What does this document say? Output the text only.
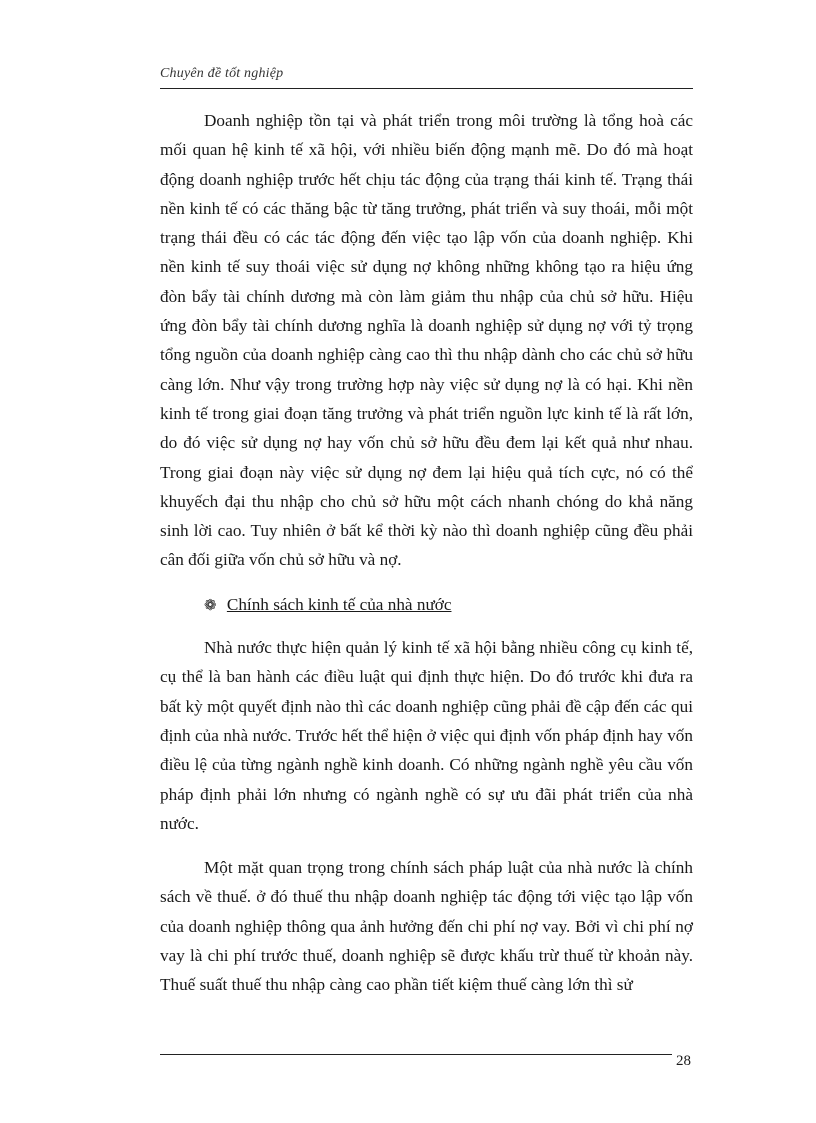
Chuyên đề tốt nghiệp

Doanh nghiệp tồn tại và phát triển trong môi trường là tổng hoà các mối quan hệ kinh tế xã hội, với nhiều biến động mạnh mẽ. Do đó mà hoạt động doanh nghiệp trước hết chịu tác động của trạng thái kinh tế. Trạng thái nền kinh tế có các thăng bậc từ tăng trưởng, phát triển và suy thoái, mỗi một trạng thái đều có các tác động đến việc tạo lập vốn của doanh nghiệp. Khi nền kinh tế suy thoái việc sử dụng nợ không những không tạo ra hiệu ứng đòn bẩy tài chính dương mà còn làm giảm thu nhập của chủ sở hữu. Hiệu ứng đòn bẩy tài chính dương nghĩa là doanh nghiệp sử dụng nợ với tỷ trọng tổng nguồn của doanh nghiệp càng cao thì thu nhập dành cho các chủ sở hữu càng lớn. Như vậy trong trường hợp này việc sử dụng nợ là có hại. Khi nền kinh tế trong giai đoạn tăng trưởng và phát triển nguồn lực kinh tế là rất lớn, do đó việc sử dụng nợ hay vốn chủ sở hữu đều đem lại kết quả như nhau. Trong giai đoạn này việc sử dụng nợ đem lại hiệu quả tích cực, nó có thể khuyếch đại thu nhập cho chủ sở hữu một cách nhanh chóng do khả năng sinh lời cao. Tuy nhiên ở bất kể thời kỳ nào thì doanh nghiệp cũng đều phải cân đối giữa vốn chủ sở hữu và nợ.

❁ Chính sách kinh tế của nhà nước

Nhà nước thực hiện quản lý kinh tế xã hội bằng nhiều công cụ kinh tế, cụ thể là ban hành các điều luật qui định thực hiện. Do đó trước khi đưa ra bất kỳ một quyết định nào thì các doanh nghiệp cũng phải đề cập đến các qui định của nhà nước. Trước hết thể hiện ở việc qui định vốn pháp định hay vốn điều lệ của từng ngành nghề kinh doanh. Có những ngành nghề yêu cầu vốn pháp định phải lớn nhưng có ngành nghề có sự ưu đãi phát triển của nhà nước.

Một mặt quan trọng trong chính sách pháp luật của nhà nước là chính sách về thuế. ở đó thuế thu nhập doanh nghiệp tác động tới việc tạo lập vốn của doanh nghiệp thông qua ảnh hưởng đến chi phí nợ vay. Bởi vì chi phí nợ vay là chi phí trước thuế, doanh nghiệp sẽ được khấu trừ thuế từ khoản này. Thuế suất thuế thu nhập càng cao phần tiết kiệm thuế càng lớn thì sử

28
